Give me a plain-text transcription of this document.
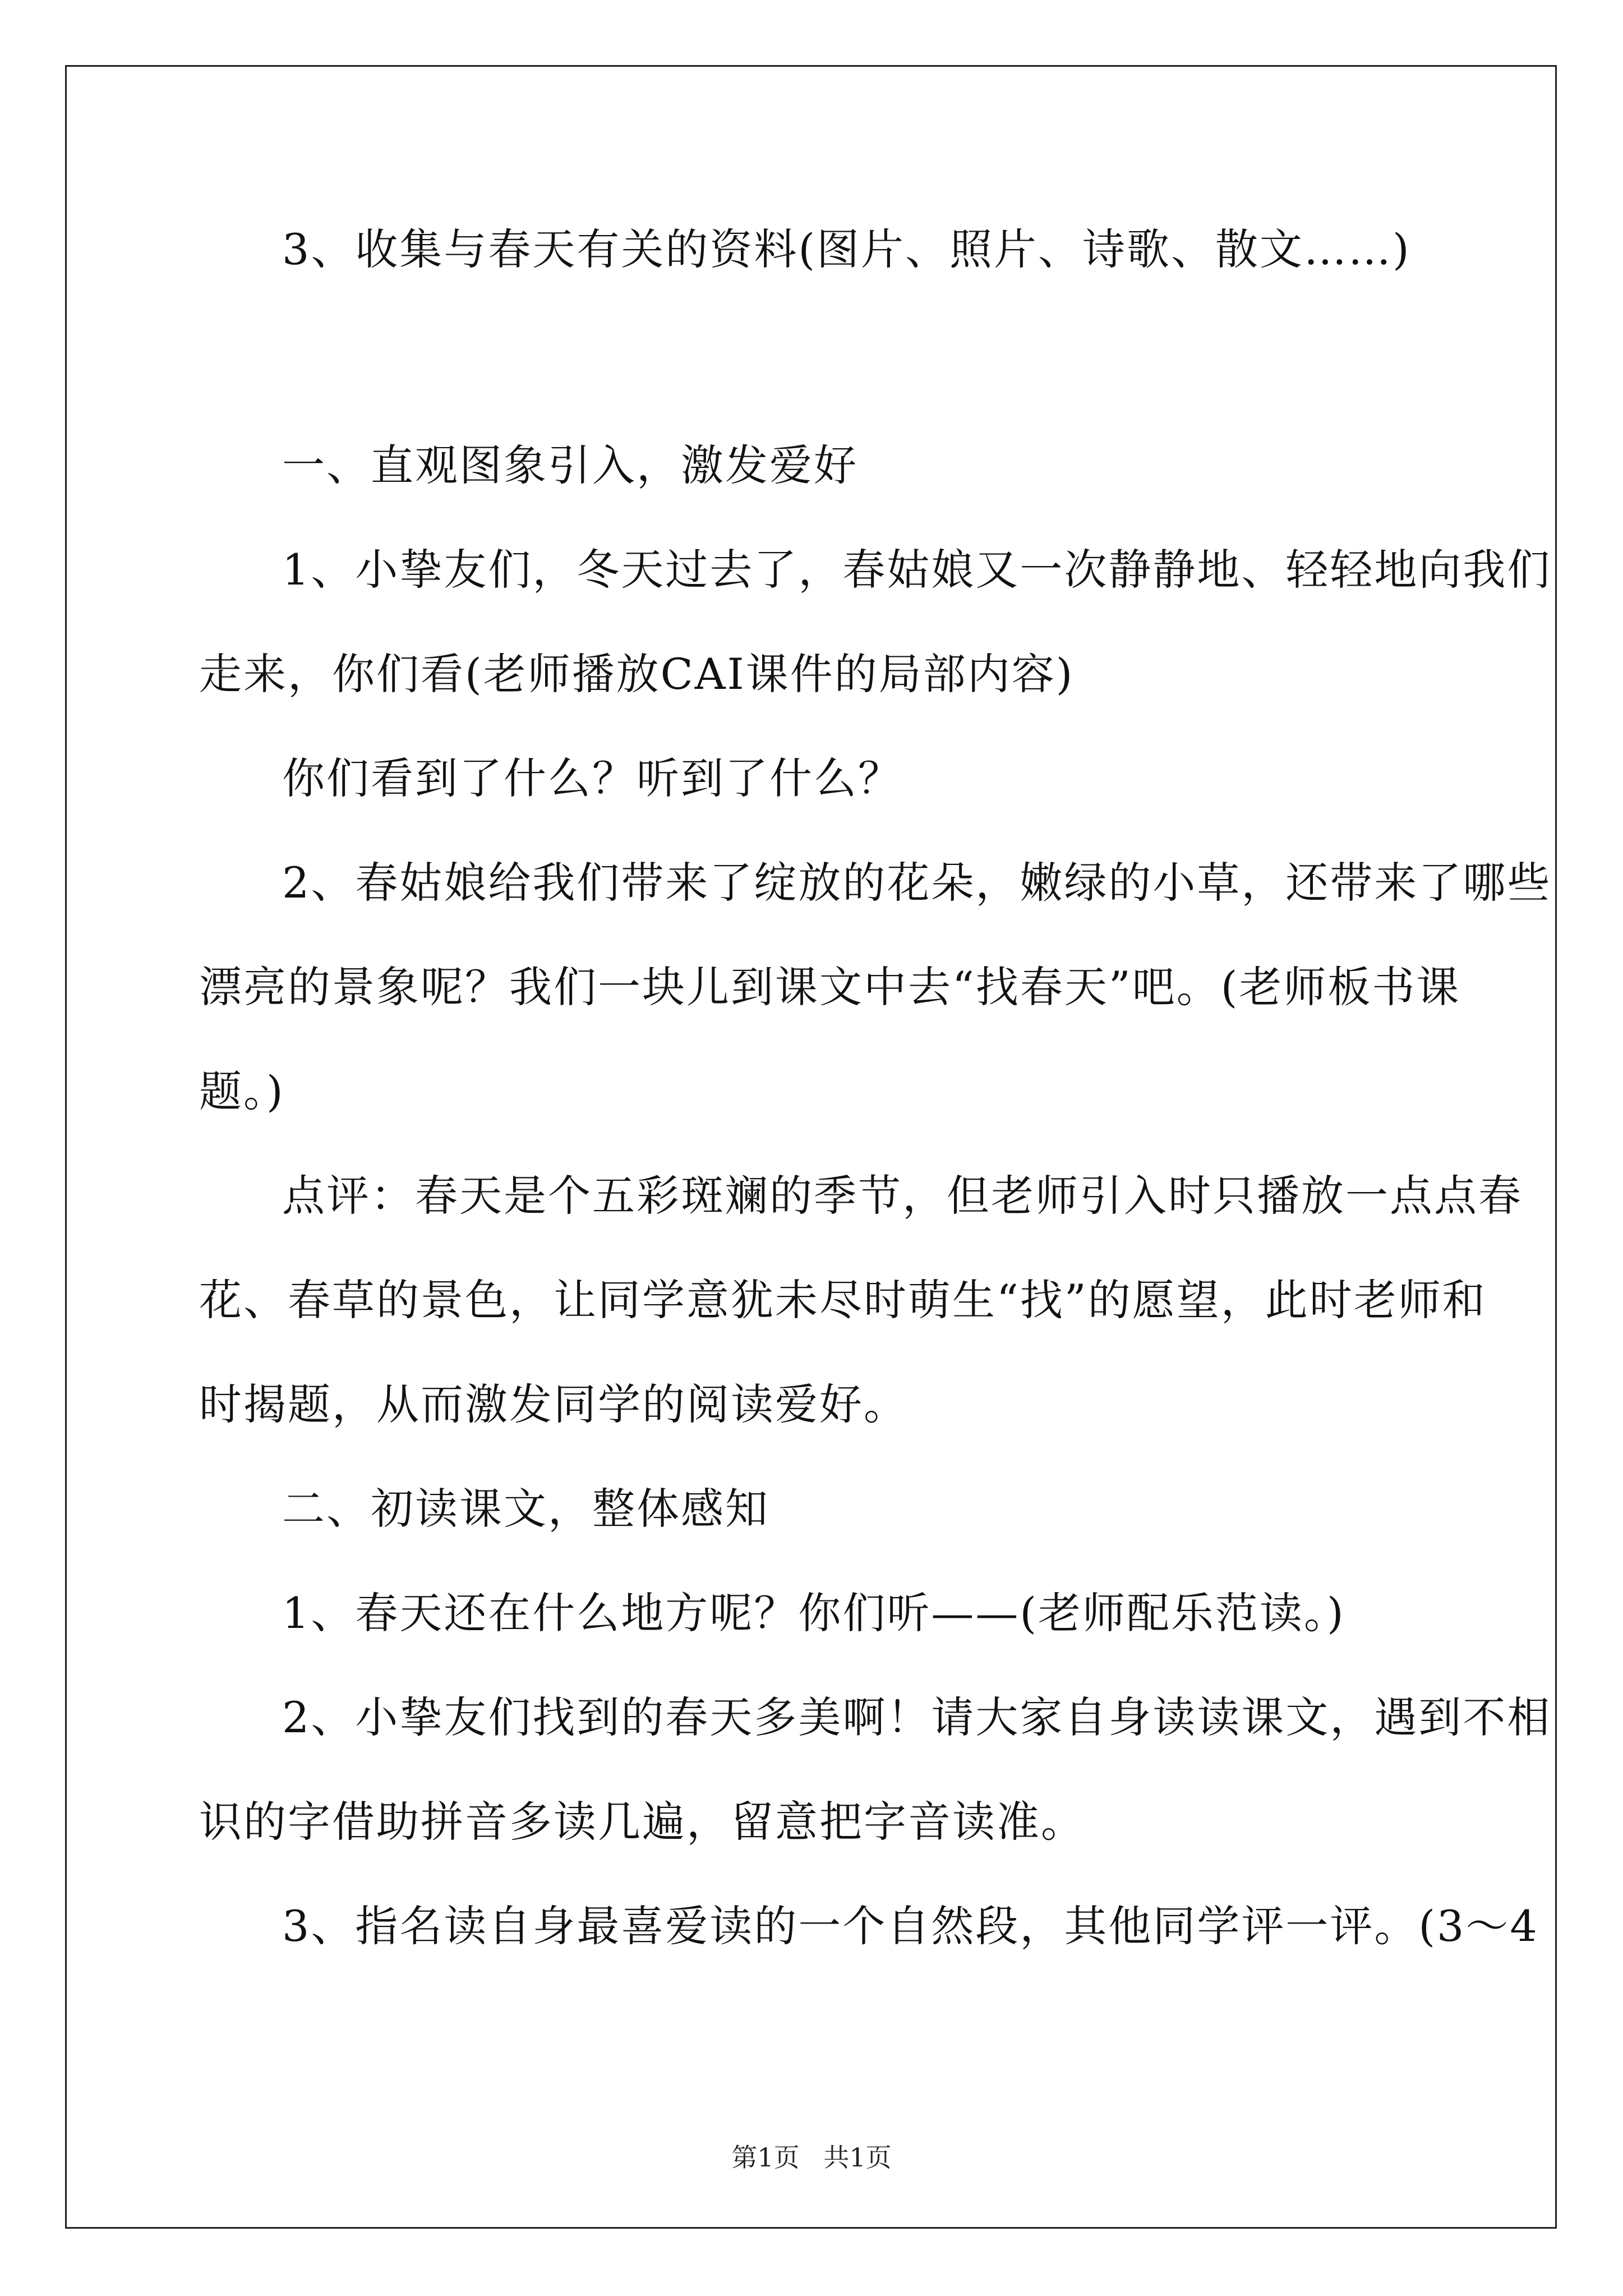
3、收集与春天有关的资料(图片、照片、诗歌、散文……)
一、直观图象引入，激发爱好
1、小挚友们，冬天过去了，春姑娘又一次静静地、轻轻地向我们
走来，你们看(老师播放CAI课件的局部内容)
你们看到了什么？听到了什么？
2、春姑娘给我们带来了绽放的花朵，嫩绿的小草，还带来了哪些
漂亮的景象呢？我们一块儿到课文中去“找春天”吧。(老师板书课
题。)
点评：春天是个五彩斑斓的季节，但老师引入时只播放一点点春
花、春草的景色，让同学意犹未尽时萌生“找”的愿望，此时老师和
时揭题，从而激发同学的阅读爱好。
二、初读课文，整体感知
1、春天还在什么地方呢？你们听——(老师配乐范读。)
2、小挚友们找到的春天多美啊！请大家自身读读课文，遇到不相
识的字借助拼音多读几遍，留意把字音读准。
3、指名读自身最喜爱读的一个自然段，其他同学评一评。(3～4
第1页 共1页
